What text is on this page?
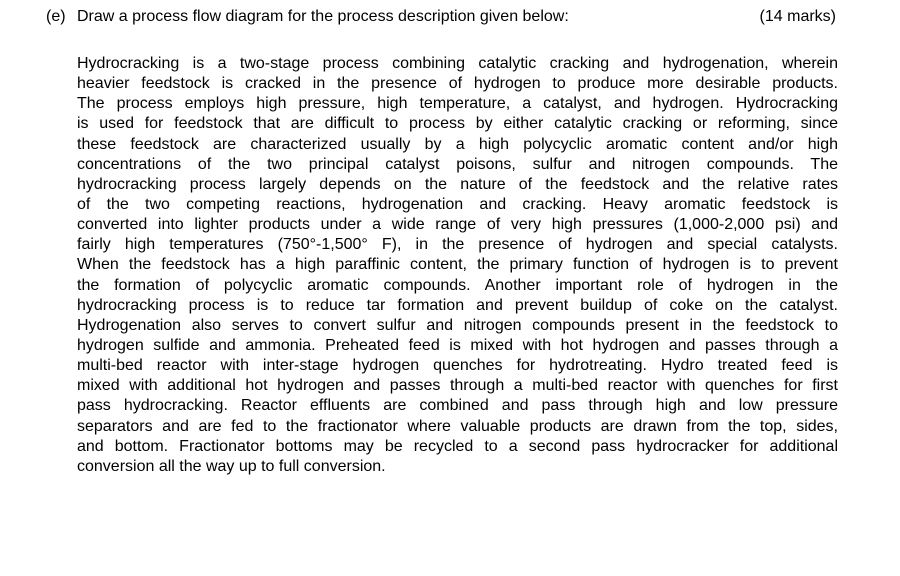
(e) Draw a process flow diagram for the process description given below:	(14 marks)
Hydrocracking is a two-stage process combining catalytic cracking and hydrogenation, wherein
heavier feedstock is cracked in the presence of hydrogen to produce more desirable products.
The process employs high pressure, high temperature, a catalyst, and hydrogen. Hydrocracking
is used for feedstock that are difficult to process by either catalytic cracking or reforming, since
these feedstock are characterized usually by a high polycyclic aromatic content and/or high
concentrations of the two principal catalyst poisons, sulfur and nitrogen compounds. The
hydrocracking process largely depends on the nature of the feedstock and the relative rates
of the two competing reactions, hydrogenation and cracking. Heavy aromatic feedstock is
converted into lighter products under a wide range of very high pressures (1,000-2,000 psi) and
fairly high temperatures (750°-1,500° F), in the presence of hydrogen and special catalysts.
When the feedstock has a high paraffinic content, the primary function of hydrogen is to prevent
the formation of polycyclic aromatic compounds. Another important role of hydrogen in the
hydrocracking process is to reduce tar formation and prevent buildup of coke on the catalyst.
Hydrogenation also serves to convert sulfur and nitrogen compounds present in the feedstock to
hydrogen sulfide and ammonia. Preheated feed is mixed with hot hydrogen and passes through a
multi-bed reactor with inter-stage hydrogen quenches for hydrotreating. Hydro treated feed is
mixed with additional hot hydrogen and passes through a multi-bed reactor with quenches for first
pass hydrocracking. Reactor effluents are combined and pass through high and low pressure
separators and are fed to the fractionator where valuable products are drawn from the top, sides,
and bottom. Fractionator bottoms may be recycled to a second pass hydrocracker for additional
conversion all the way up to full conversion.
